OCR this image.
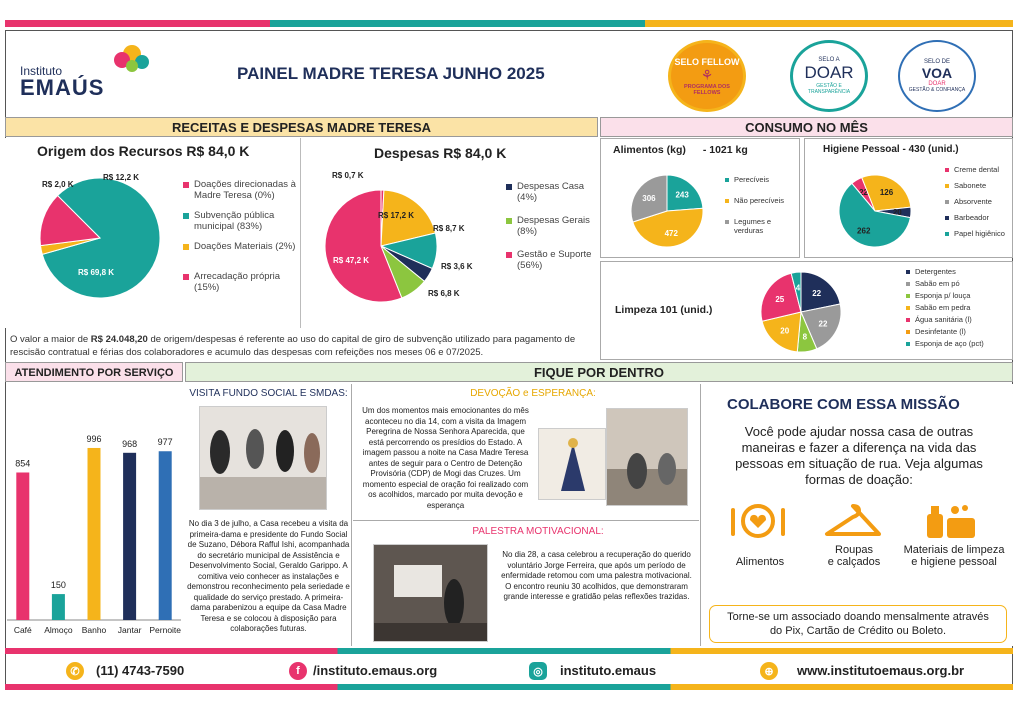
Instituto
EMAÚS
PAINEL MADRE TERESA JUNHO 2025
SELO FELLOW
⚘
PROGRAMA DOS FELLOWS
SELO A
DOAR
GESTÃO E TRANSPARÊNCIA
SELO DE
VOA
DOAR
GESTÃO & CONFIANÇA
RECEITAS E DESPESAS MADRE TERESA	CONSUMO NO MÊS
Origem dos Recursos R$ 84,0 K
R$ 12,2 K
R$ 2,0 K
R$ 69,8 K
Doações direcionadas à Madre Teresa (0%)
Subvenção pública municipal (83%)
Doações Materiais (2%)
Arrecadação própria (15%)
Despesas R$ 84,0 K
R$ 0,7 K
R$ 17,2 K
R$ 8,7 K
R$ 3,6 K
R$ 6,8 K
R$ 47,2 K
Despesas Casa (4%)
Despesas Gerais (8%)
Gestão e Suporte (56%)
O valor a maior de R$ 24.048,20 de origem/despesas é referente ao uso do capital de giro de subvenção utilizado para pagamento de rescisão contratual e férias dos colaboradores e acumulo das despesas com refeições nos meses 06 e 07/2025.
Alimentos (kg) - 1021 kg
243
472
306
Perecíveis
Não perecíveis
Legumes e verduras
Higiene Pessoal - 430 (unid.)
22 126
20
262
Creme dental
Sabonete
Absorvente
Barbeador
Papel higiênico
Limpeza 101 (unid.)
22
22
8
20
25
4
Detergentes
Sabão em pó
Esponja p/ louça
Sabão em pedra
Água sanitária (l)
Desinfetante (l)
Esponja de aço (pct)
ATENDIMENTO POR SERVIÇO
854
Café
150
Almoço
996
Banho
968
Jantar
977
Pernoite
FIQUE POR DENTRO
VISITA FUNDO SOCIAL E SMDAS:
No dia 3 de julho, a Casa recebeu a visita da primeira-dama e presidente do Fundo Social de Suzano, Débora Rafful Ishi, acompanhada do secretário municipal de Assistência e Desenvolvimento Social, Geraldo Garippo. A comitiva veio conhecer as instalações e demonstrou reconhecimento pela seriedade e qualidade do serviço prestado. A primeira-dama parabenizou a equipe da Casa Madre Teresa e se colocou à disposição para colaborações futuras.
DEVOÇÃO e ESPERANÇA:
Um dos momentos mais emocionantes do mês aconteceu no dia 14, com a visita da Imagem Peregrina de Nossa Senhora Aparecida, que está percorrendo os presídios do Estado. A imagem passou a noite na Casa Madre Teresa antes de seguir para o Centro de Detenção Provisória (CDP) de Mogi das Cruzes. Um momento especial de oração foi realizado com os acolhidos, marcado por muita devoção e esperança
PALESTRA MOTIVACIONAL:
No dia 28, a casa celebrou a recuperação do querido voluntário Jorge Ferreira, que após um período de enfermidade retomou com uma palestra motivacional. O encontro reuniu 30 acolhidos, que demonstraram grande interesse e gratidão pelas reflexões trazidas.
COLABORE COM ESSA MISSÃO
Você pode ajudar nossa casa de outras maneiras e fazer a diferença na vida das pessoas em situação de rua. Veja algumas formas de doação:
Alimentos
Roupas
e calçados
Materiais de limpeza
e higiene pessoal
Torne-se um associado doando mensalmente através do Pix, Cartão de Crédito ou Boleto.
✆	(11) 4743-7590	f	/instituto.emaus.org	◎	instituto.emaus	⊕	www.institutoemaus.org.br
